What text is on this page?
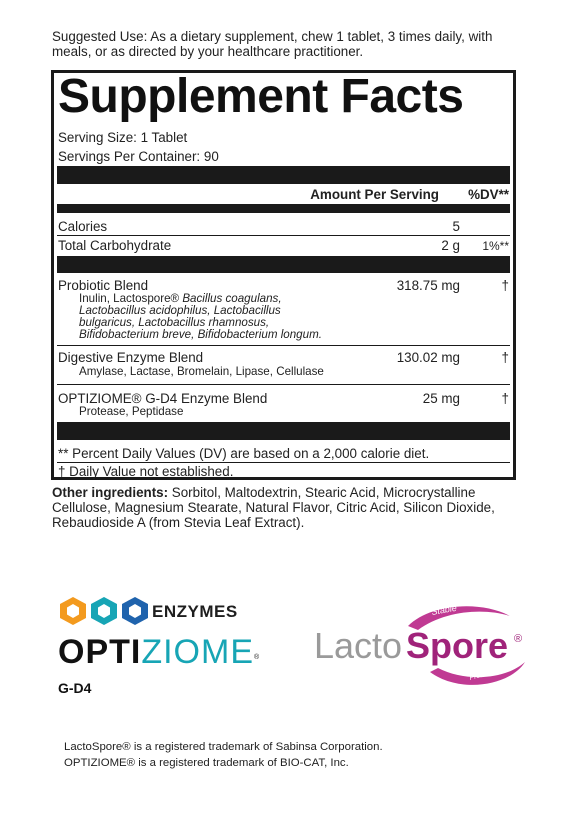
Suggested Use: As a dietary supplement, chew 1 tablet, 3 times daily, with meals, or as directed by your healthcare practitioner.
Supplement Facts
Serving Size: 1 Tablet
Servings Per Container: 90
Amount Per Serving %DV**
Calories	5
Total Carbohydrate	2 g 1%**
Probiotic Blend	318.75 mg	†
Inulin, Lactospore® Bacillus coagulans,
Lactobacillus acidophilus, Lactobacillus
bulgaricus, Lactobacillus rhamnosus,
Bifidobacterium breve, Bifidobacterium longum.
Digestive Enzyme Blend	130.02 mg	†
Amylase, Lactase, Bromelain, Lipase, Cellulase
OPTIZIOME® G-D4 Enzyme Blend	25 mg	†
Protease, Peptidase
** Percent Daily Values (DV) are based on a 2,000 calorie diet.
† Daily Value not established.
Other ingredients: Sorbitol, Maltodextrin, Stearic Acid, Microcrystalline Cellulose, Magnesium Stearate, Natural Flavor, Citric Acid, Silicon Dioxide, Rebaudioside A (from Stevia Leaf Extract).
ENZYMES
OPTIZIOME®
G-D4
Stable
Probiotic
Lacto Spore ®
LactoSpore® is a registered trademark of Sabinsa Corporation.
OPTIZIOME® is a registered trademark of BIO-CAT, Inc.
